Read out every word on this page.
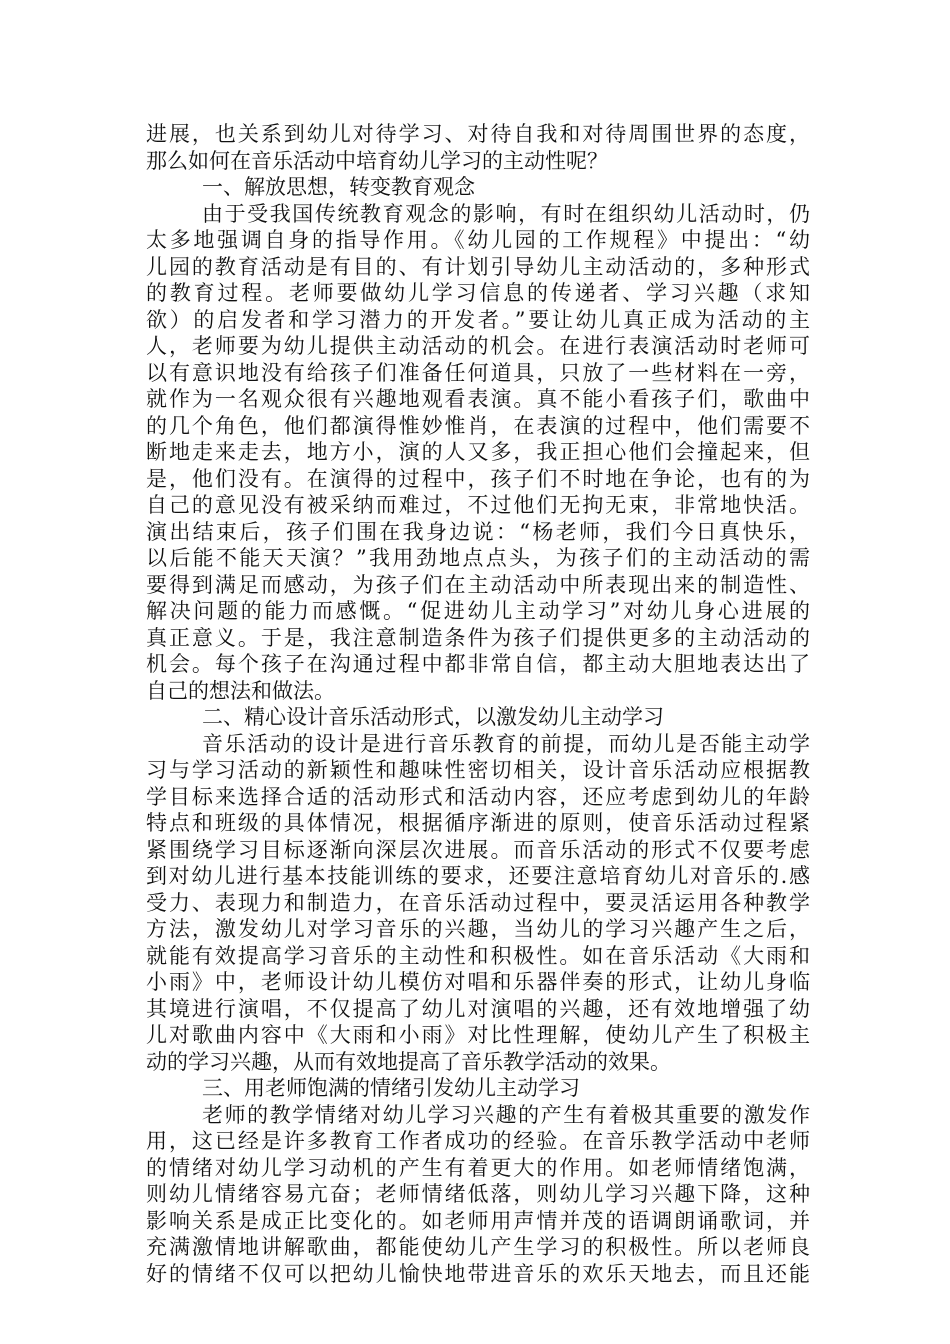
进展，也关系到幼儿对待学习、对待自我和对待周围世界的态度，
那么如何在音乐活动中培育幼儿学习的主动性呢？
一、解放思想，转变教育观念
由于受我国传统教育观念的影响，有时在组织幼儿活动时，仍
太多地强调自身的指导作用。《幼儿园的工作规程》中提出：“幼
儿园的教育活动是有目的、有计划引导幼儿主动活动的，多种形式
的教育过程。老师要做幼儿学习信息的传递者、学习兴趣（求知
欲）的启发者和学习潜力的开发者。”要让幼儿真正成为活动的主
人，老师要为幼儿提供主动活动的机会。在进行表演活动时老师可
以有意识地没有给孩子们准备任何道具，只放了一些材料在一旁，
就作为一名观众很有兴趣地观看表演。真不能小看孩子们，歌曲中
的几个角色，他们都演得惟妙惟肖，在表演的过程中，他们需要不
断地走来走去，地方小，演的人又多，我正担心他们会撞起来，但
是，他们没有。在演得的过程中，孩子们不时地在争论，也有的为
自己的意见没有被采纳而难过，不过他们无拘无束，非常地快活。
演出结束后，孩子们围在我身边说：“杨老师，我们今日真快乐，
以后能不能天天演？”我用劲地点点头，为孩子们的主动活动的需
要得到满足而感动，为孩子们在主动活动中所表现出来的制造性、
解决问题的能力而感慨。“促进幼儿主动学习”对幼儿身心进展的
真正意义。于是，我注意制造条件为孩子们提供更多的主动活动的
机会。每个孩子在沟通过程中都非常自信，都主动大胆地表达出了
自己的想法和做法。
二、精心设计音乐活动形式，以激发幼儿主动学习
音乐活动的设计是进行音乐教育的前提，而幼儿是否能主动学
习与学习活动的新颖性和趣味性密切相关，设计音乐活动应根据教
学目标来选择合适的活动形式和活动内容，还应考虑到幼儿的年龄
特点和班级的具体情况，根据循序渐进的原则，使音乐活动过程紧
紧围绕学习目标逐渐向深层次进展。而音乐活动的形式不仅要考虑
到对幼儿进行基本技能训练的要求，还要注意培育幼儿对音乐的.感
受力、表现力和制造力，在音乐活动过程中，要灵活运用各种教学
方法，激发幼儿对学习音乐的兴趣，当幼儿的学习兴趣产生之后，
就能有效提高学习音乐的主动性和积极性。如在音乐活动《大雨和
小雨》中，老师设计幼儿模仿对唱和乐器伴奏的形式，让幼儿身临
其境进行演唱，不仅提高了幼儿对演唱的兴趣，还有效地增强了幼
儿对歌曲内容中《大雨和小雨》对比性理解，使幼儿产生了积极主
动的学习兴趣，从而有效地提高了音乐教学活动的效果。
三、用老师饱满的情绪引发幼儿主动学习
老师的教学情绪对幼儿学习兴趣的产生有着极其重要的激发作
用，这已经是许多教育工作者成功的经验。在音乐教学活动中老师
的情绪对幼儿学习动机的产生有着更大的作用。如老师情绪饱满，
则幼儿情绪容易亢奋；老师情绪低落，则幼儿学习兴趣下降，这种
影响关系是成正比变化的。如老师用声情并茂的语调朗诵歌词，并
充满激情地讲解歌曲，都能使幼儿产生学习的积极性。所以老师良
好的情绪不仅可以把幼儿愉快地带进音乐的欢乐天地去，而且还能
